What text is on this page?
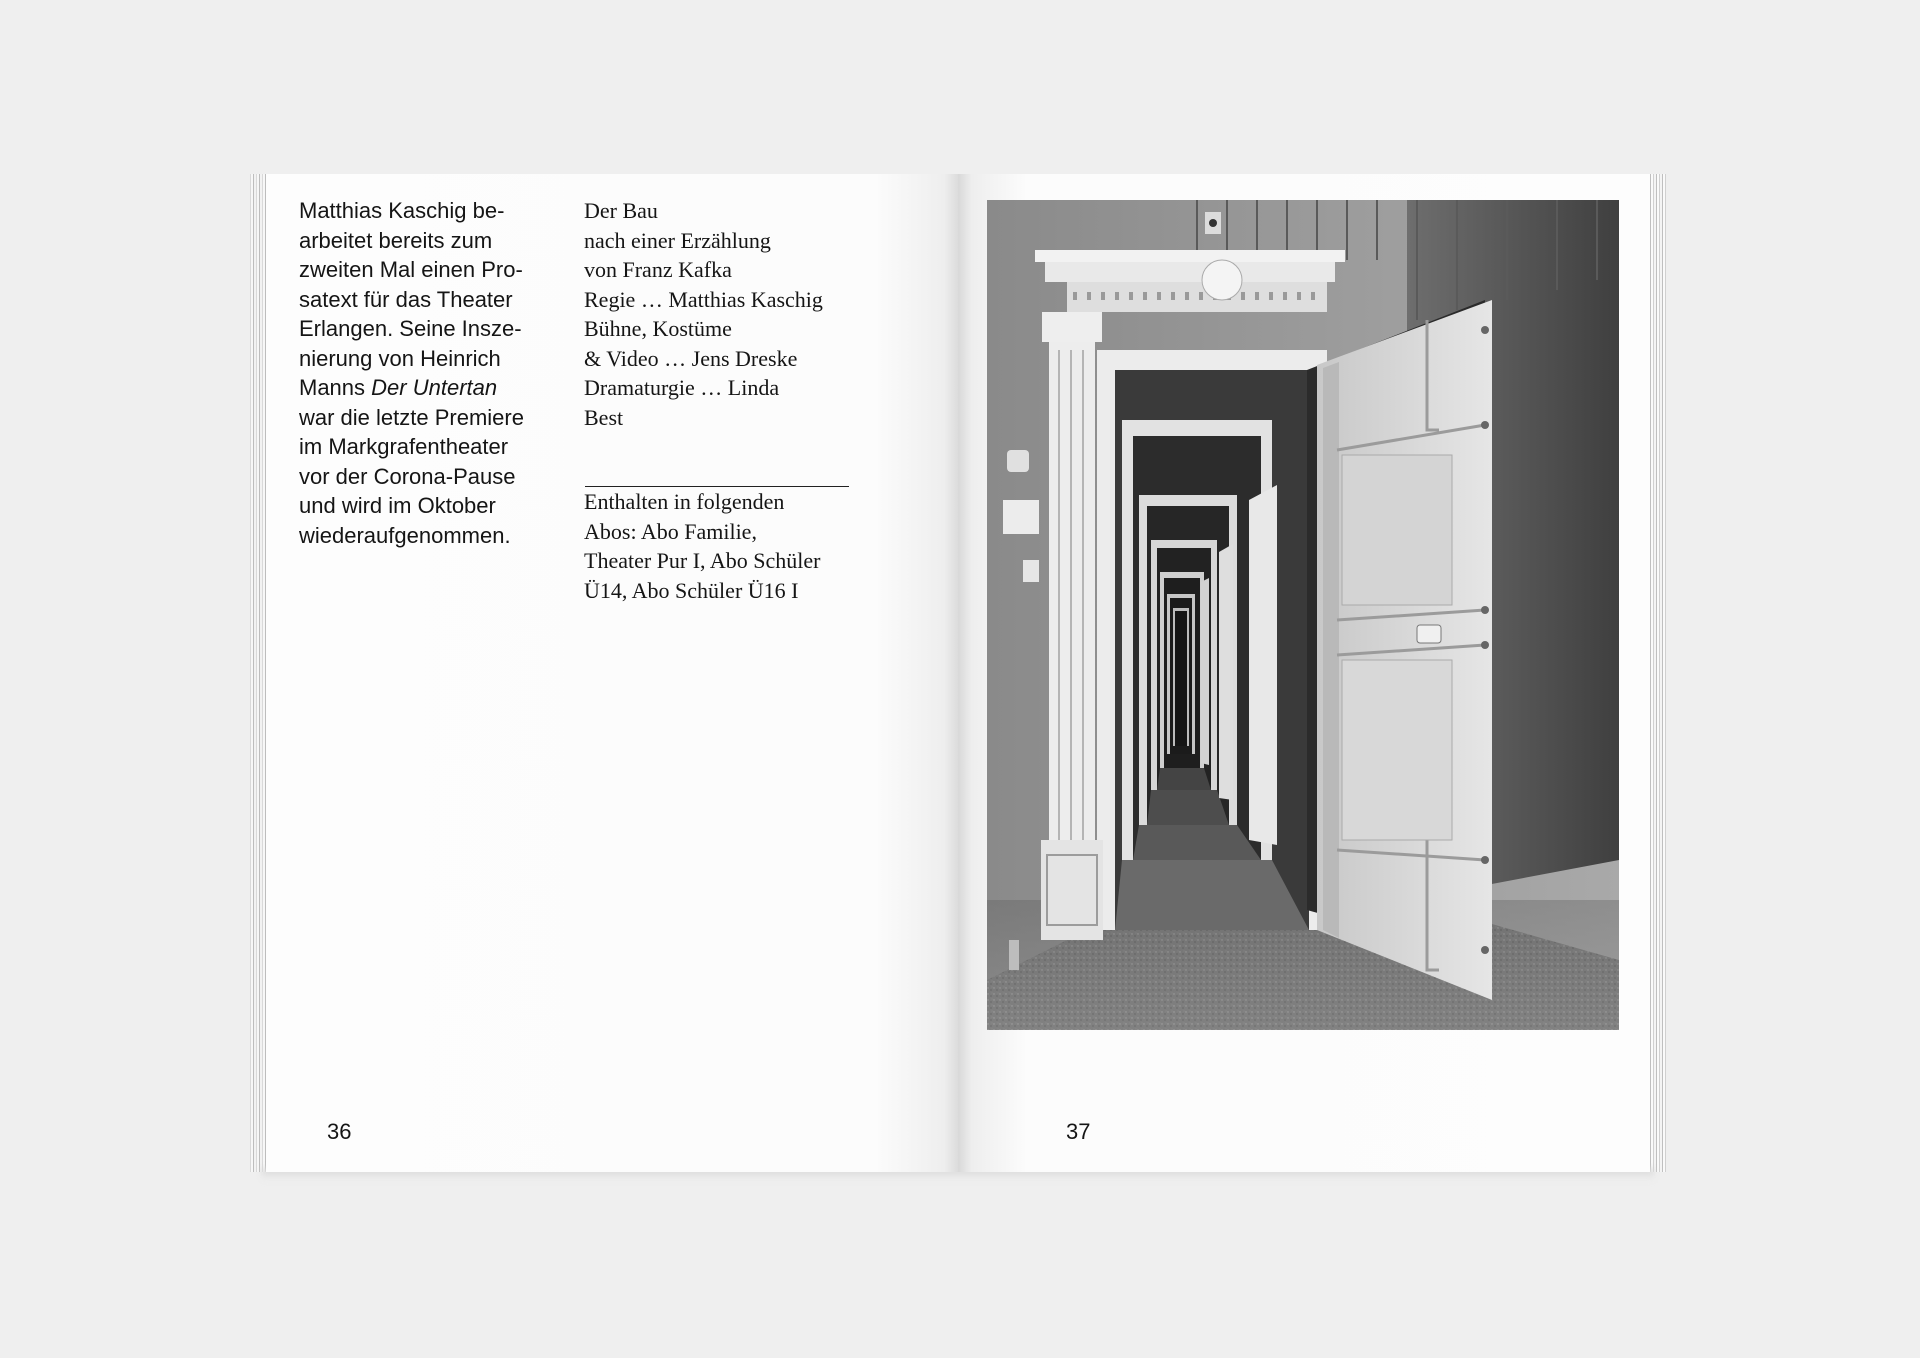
Matthias Kaschig be-
arbeitet bereits zum
zweiten Mal einen Pro-
satext für das Theater
Erlangen. Seine Insze-
nierung von Heinrich
Manns Der Untertan
war die letzte Premiere
im Markgrafentheater
vor der Corona-Pause
und wird im Oktober
wiederaufgenommen.

Der Bau
nach einer Erzählung
von Franz Kafka
Regie … Matthias Kaschig
Bühne, Kostüme
& Video … Jens Dreske
Dramaturgie … Linda
Best

Enthalten in folgenden
Abos: Abo Familie,
Theater Pur I, Abo Schüler
Ü14, Abo Schüler Ü16 I

36	37
